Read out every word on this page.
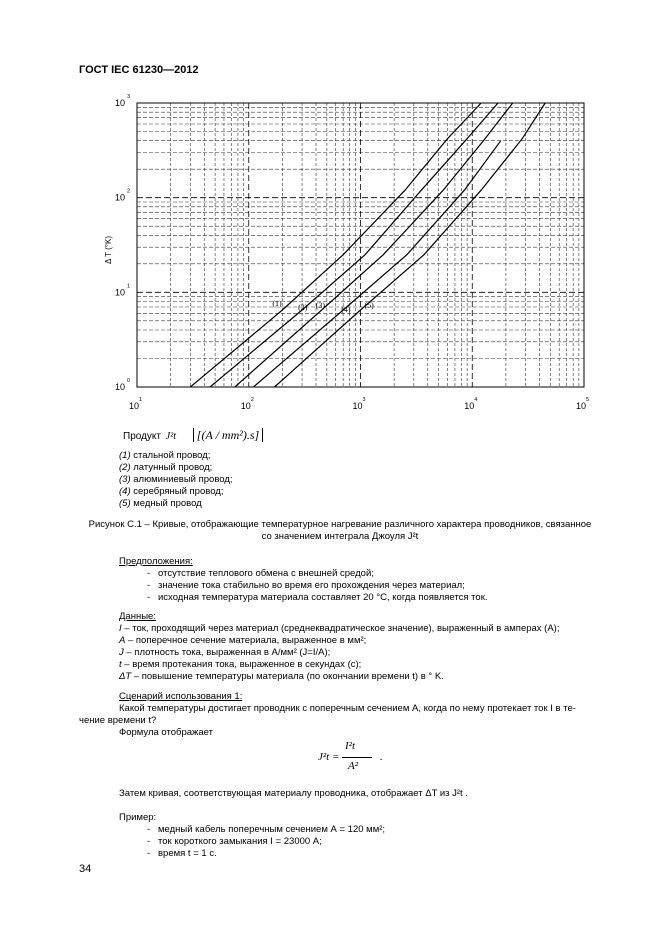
ГОСТ IEC 61230—2012
10
1
10
2
10
3
10
4
10
5
10
0
10
1
10
2
10
3
Δ T (°K)
(1) (2) (3) (4) (5)
Продукт J²t [(A / mm²).s]
(1) стальной провод;
(2) латунный провод;
(3) алюминиевый провод;
(4) серебряный провод;
(5) медный провод
Рисунок С.1 – Кривые, отображающие температурное нагревание различного характера проводников, связанное
со значением интеграла Джоуля J²t
Предположения:
- отсутствие теплового обмена с внешней средой;
- значение тока стабильно во время его прохождения через материал;
- исходная температура материала составляет 20 °C, когда появляется ток.
Данные:
I – ток, проходящий через материал (среднеквадратическое значение), выраженный в амперах (А);
A – поперечное сечение материала, выраженное в мм²;
J – плотность тока, выраженная в А/мм² (J=I/A);
t – время протекания тока, выраженное в секундах (с);
ΔT – повышение температуры материала (по окончании времени t) в ° K.
Сценарий использования 1:
Какой температуры достигает проводник с поперечным сечением A, когда по нему протекает ток I в те-
чение времени t?
Формула отображает
J²t =
I²t
A²
.
Затем кривая, соответствующая материалу проводника, отображает ΔT из J²t .
Пример:
- медный кабель поперечным сечением А = 120 мм²;
- ток короткого замыкания I = 23000 А;
- время t = 1 с.
34
